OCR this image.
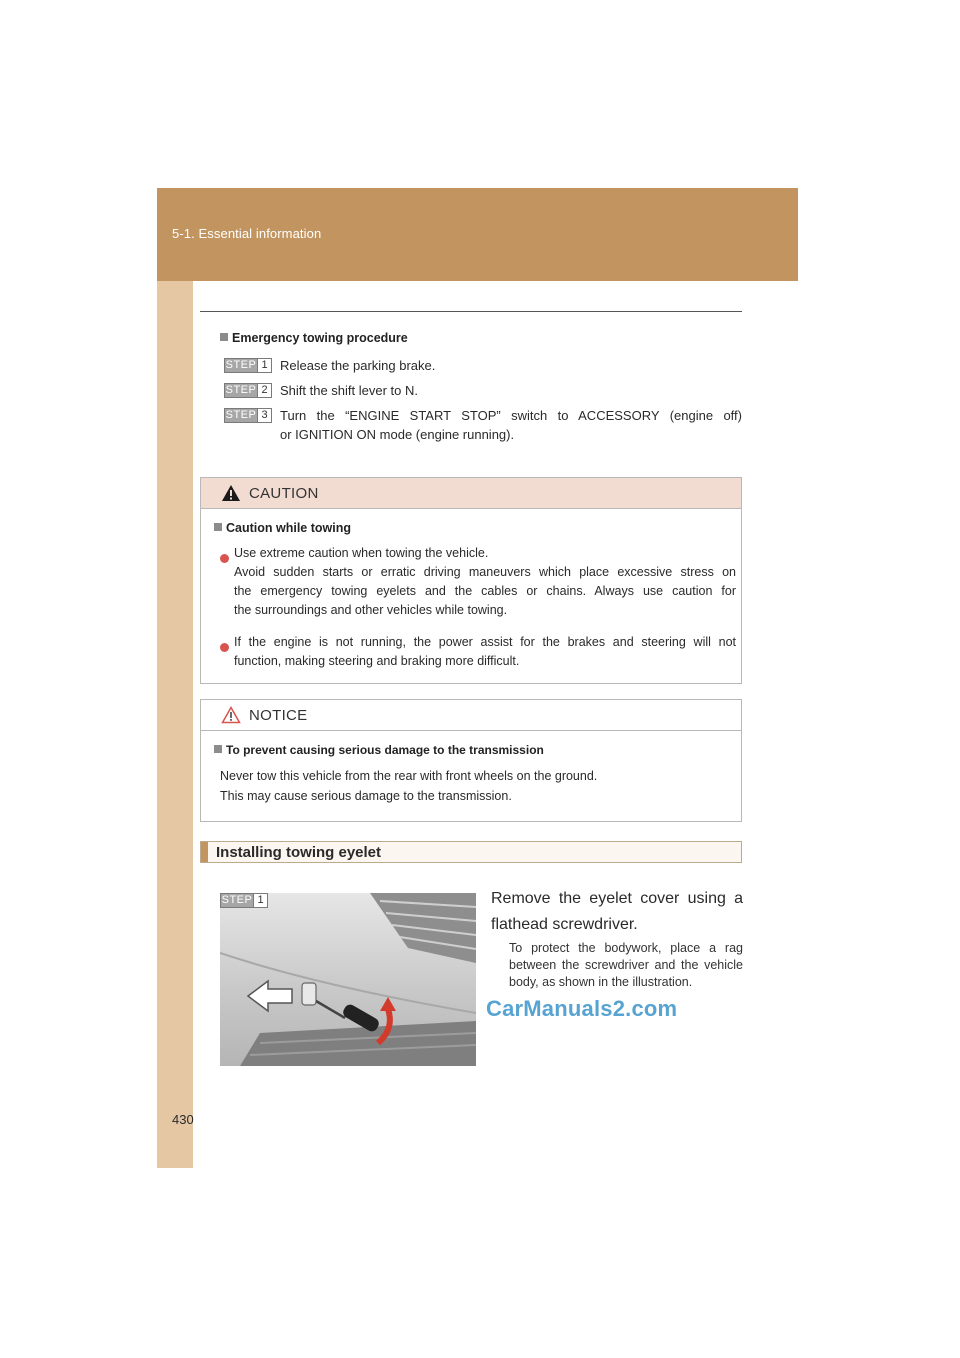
5-1. Essential information
430
Emergency towing procedure
STEP 1 Release the parking brake.
STEP 2 Shift the shift lever to N.
STEP 3 Turn the “ENGINE START STOP” switch to ACCESSORY (engine off)
or IGNITION ON mode (engine running).
CAUTION
Caution while towing
Use extreme caution when towing the vehicle.
Avoid sudden starts or erratic driving maneuvers which place excessive stress on
the emergency towing eyelets and the cables or chains. Always use caution for
the surroundings and other vehicles while towing.
If the engine is not running, the power assist for the brakes and steering will not
function, making steering and braking more difficult.
NOTICE
To prevent causing serious damage to the transmission
Never tow this vehicle from the rear with front wheels on the ground.
This may cause serious damage to the transmission.
Installing towing eyelet
STEP 1	Remove the eyelet cover using a flathead screwdriver.
To protect the bodywork, place a rag between the screwdriver and the vehicle body, as shown in the illustration.
CarManuals2.com
